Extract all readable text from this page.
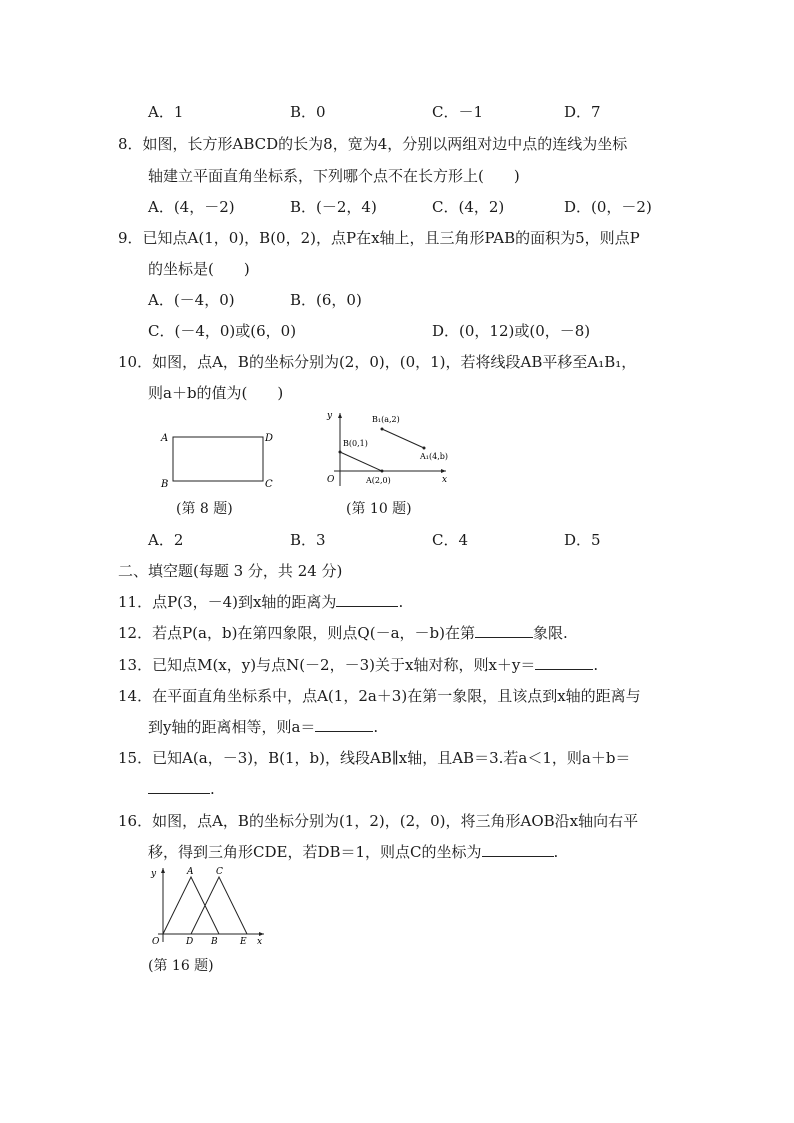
A．1	B．0	C．－1	D．7
8．如图，长方形ABCD的长为8，宽为4，分别以两组对边中点的连线为坐标
轴建立平面直角坐标系，下列哪个点不在长方形上(　　)
A．(4，－2)	B．(－2，4)	C．(4，2)	D．(0，－2)
9．已知点A(1，0)，B(0，2)，点P在x轴上，且三角形PAB的面积为5，则点P
的坐标是(　　)
A．(－4，0)	B．(6，0)
C．(－4，0)或(6，0)	D．(0，12)或(0，－8)
10．如图，点A，B的坐标分别为(2，0)，(0，1)，若将线段AB平移至A₁B₁，
则a＋b的值为(　　)
A	D
B	C
(第 8 题)
y
x
O
B(0,1)
A(2,0)
B₁(a,2)
A₁(4,b)
(第 10 题)
A．2	B．3	C．4	D．5
二、填空题(每题 3 分，共 24 分)
11．点P(3，－4)到x轴的距离为	.
12．若点P(a，b)在第四象限，则点Q(－a，－b)在第	象限.
13．已知点M(x，y)与点N(－2，－3)关于x轴对称，则x＋y＝	.
14．在平面直角坐标系中，点A(1，2a＋3)在第一象限，且该点到x轴的距离与
到y轴的距离相等，则a＝	.
15．已知A(a，－3)，B(1，b)，线段AB∥x轴，且AB＝3.若a＜1，则a＋b＝
.
16．如图，点A，B的坐标分别为(1，2)，(2，0)，将三角形AOB沿x轴向右平
移，得到三角形CDE，若DB＝1，则点C的坐标为	.
y
x
O
A	C
D B E
(第 16 题)
